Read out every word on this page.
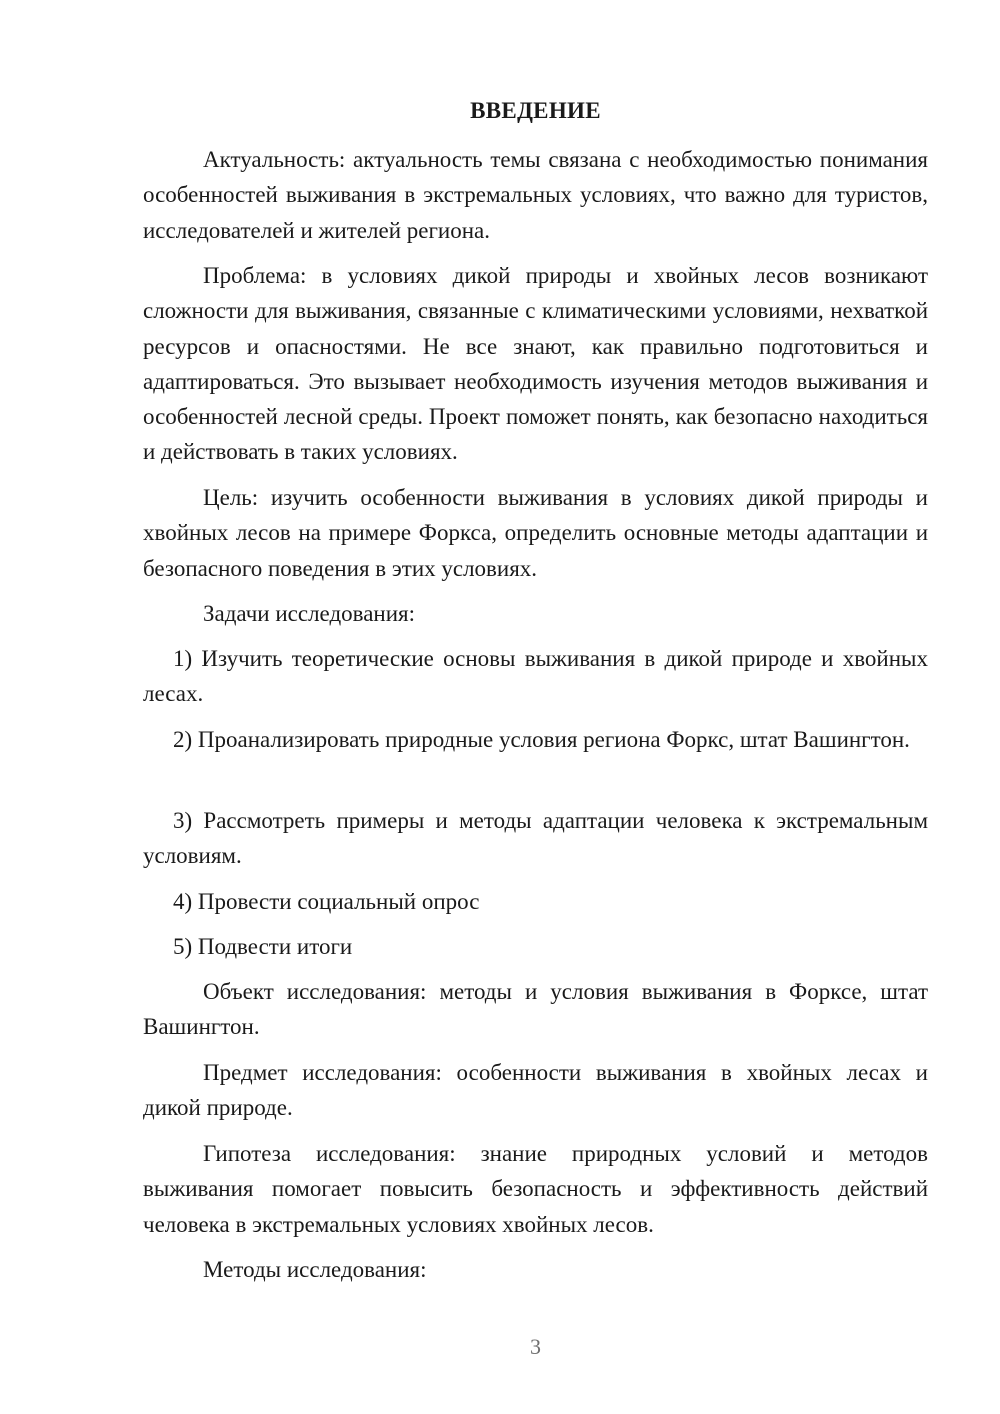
ВВЕДЕНИЕ

Актуальность: актуальность темы связана с необходимостью понимания особенностей выживания в экстремальных условиях, что важно для туристов, исследователей и жителей региона.

Проблема: в условиях дикой природы и хвойных лесов возникают сложности для выживания, связанные с климатическими условиями, нехваткой ресурсов и опасностями. Не все знают, как правильно подготовиться и адаптироваться. Это вызывает необходимость изучения методов выживания и особенностей лесной среды. Проект поможет понять, как безопасно находиться и действовать в таких условиях.

Цель: изучить особенности выживания в условиях дикой природы и хвойных лесов на примере Форкса, определить основные методы адаптации и безопасного поведения в этих условиях.

Задачи исследования:

1) Изучить теоретические основы выживания в дикой природе и хвойных лесах.

2) Проанализировать природные условия региона Форкс, штат Вашингтон.

3) Рассмотреть примеры и методы адаптации человека к экстремальным условиям.

4) Провести социальный опрос

5) Подвести итоги

Объект исследования: методы и условия выживания в Форксе, штат Вашингтон.

Предмет исследования: особенности выживания в хвойных лесах и дикой природе.

Гипотеза исследования: знание природных условий и методов выживания помогает повысить безопасность и эффективность действий человека в экстремальных условиях хвойных лесов.

Методы исследования:

3
